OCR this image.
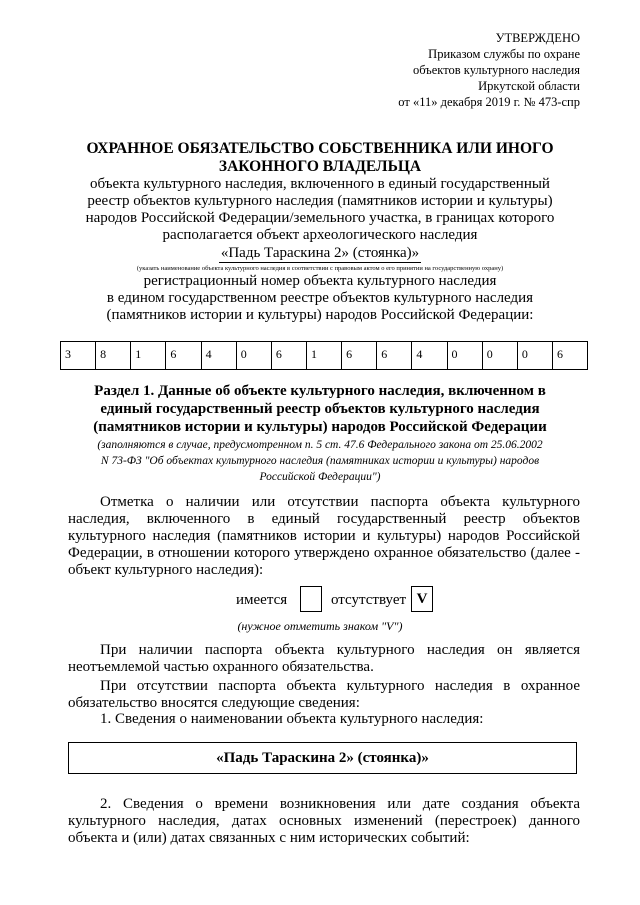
УТВЕРЖДЕНО
Приказом службы по охране
объектов культурного наследия
Иркутской области
от «11» декабря 2019 г. № 473-спр
ОХРАННОЕ ОБЯЗАТЕЛЬСТВО СОБСТВЕННИКА ИЛИ ИНОГО
ЗАКОННОГО ВЛАДЕЛЬЦА
объекта культурного наследия, включенного в единый государственный
реестр объектов культурного наследия (памятников истории и культуры)
народов Российской Федерации/земельного участка, в границах которого
располагается объект археологического наследия
«Падь Тараскина 2» (стоянка)»
(указать наименование объекта культурного наследия в соответствии с правовым актом о его принятии на государственную охрану)
регистрационный номер объекта культурного наследия
в едином государственном реестре объектов культурного наследия
(памятников истории и культуры) народов Российской Федерации:
3	8	1	6	4	0	6	1	6	6	4	0	0	0	6
Раздел 1. Данные об объекте культурного наследия, включенном в
единый государственный реестр объектов культурного наследия
(памятников истории и культуры) народов Российской Федерации
(заполняются в случае, предусмотренном п. 5 ст. 47.6 Федерального закона от 25.06.2002
N 73-ФЗ "Об объектах культурного наследия (памятниках истории и культуры) народов
Российской Федерации")
Отметка о наличии или отсутствии паспорта объекта культурного наследия, включенного в единый государственный реестр объектов культурного наследия (памятников истории и культуры) народов Российской Федерации, в отношении которого утверждено охранное обязательство (далее - объект культурного наследия):
имеется	отсутствует V
(нужное отметить знаком "V")
При наличии паспорта объекта культурного наследия он является неотъемлемой частью охранного обязательства.
При отсутствии паспорта объекта культурного наследия в охранное обязательство вносятся следующие сведения:
1. Сведения о наименовании объекта культурного наследия:
«Падь Тараскина 2» (стоянка)»
2. Сведения о времени возникновения или дате создания объекта культурного наследия, датах основных изменений (перестроек) данного объекта и (или) датах связанных с ним исторических событий:
